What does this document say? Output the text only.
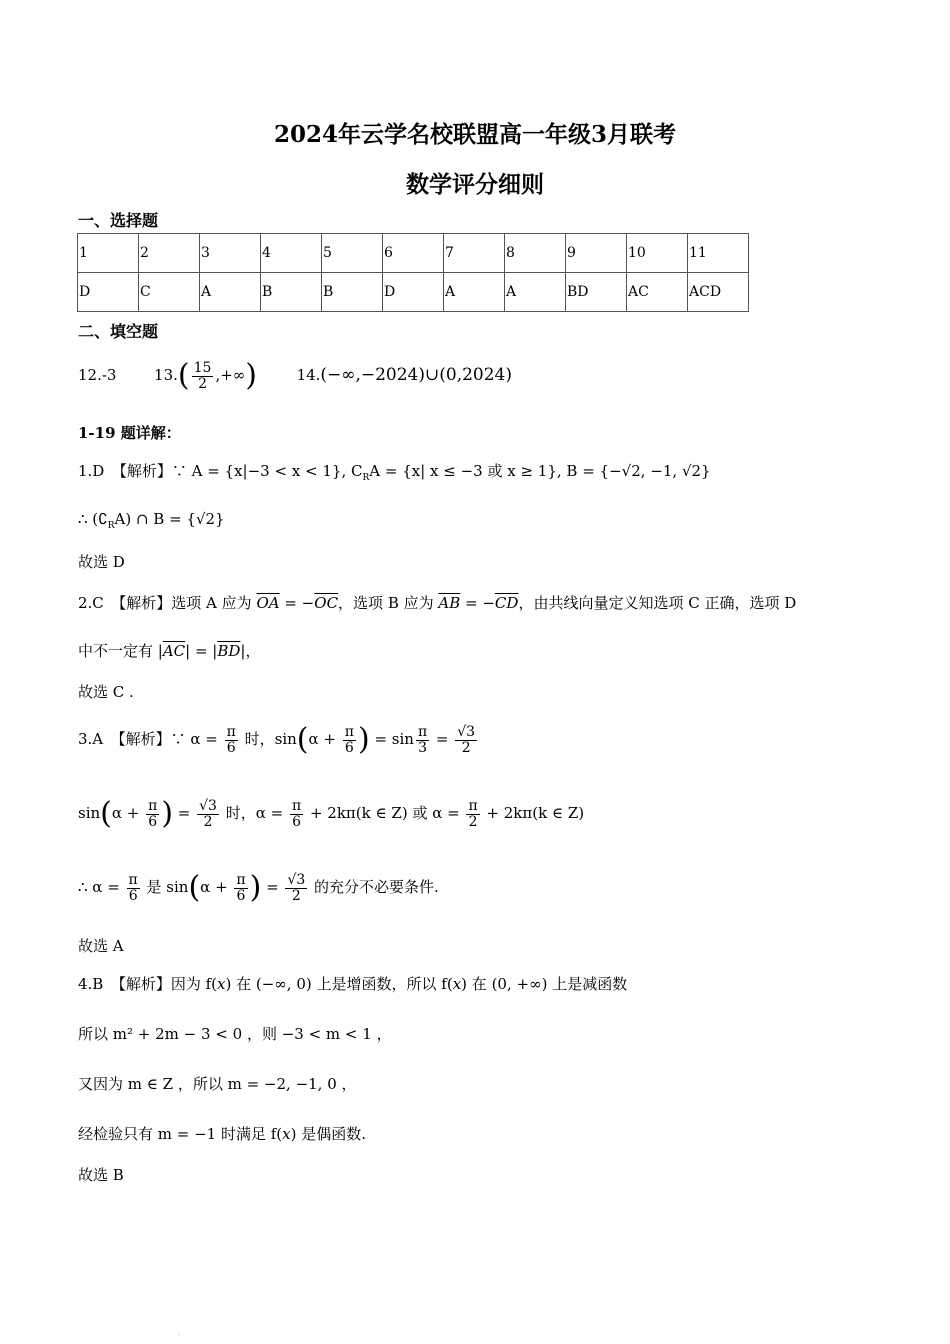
2024年云学名校联盟高一年级3月联考
数学评分细则
一、选择题
1	2	3	4	5	6	7	8	9	10	11
D	C	A	B	B	D	A	A	BD	AC	ACD
二、填空题
12.-3	$13.( \frac{15}{2}$ ,+∞)	14.(−∞,−2024)∪(0,2024)
1-19 题详解：
1.D　【解析】∵ A = {x|−3 < x < 1}, $C_RA = \{x|$ x ≤ −3 或 x ≥ 1}, B = {−√2, −1, √2}
∴ $(∁_RA)$ ∩ B = {√2}
故选 D
2.C　【解析】选项 A 应为 $\overline{OA} = -\overline{OC}$，选项 B 应为 $\overline{AB} = -\overline{CD}$，由共线向量定义知选项 C 正确，选项 D
中不一定有 $|\overline{AC}| = |\overline{BD}|$，
故选 C .
3.A　【解析】∵ $\alpha = \frac{\pi}{6}$ 时，$\sin(\alpha + \frac{\pi}{6}$ ) = $\sin \frac{\pi}{3} = \frac{√3}{2}$
$\sin(\alpha + \frac{\pi}{6}$ ) = $\frac{√3}{2}$ 时，$\alpha = \frac{\pi}{6} + 2k\pi(k$ ∈ Z) 或 $\alpha = \frac{\pi}{2} + 2k\pi(k$ ∈ Z)
∴ $\alpha = \frac{\pi}{6}$ 是 $\sin(\alpha + \frac{\pi}{6}$ ) = $\frac{√3}{2}$ 的充分不必要条件.
故选 A
4.B　【解析】因为 f(x) 在 (−∞, 0) 上是增函数，所以 f(x) 在 (0, +∞) 上是减函数
所以 m² + 2m − 3 < 0 ，则 −3 < m < 1 ，
又因为 m ∈ Z ，所以 m = −2, −1, 0 ，
经检验只有 m = −1 时满足 f(x) 是偶函数.
故选 B
.
